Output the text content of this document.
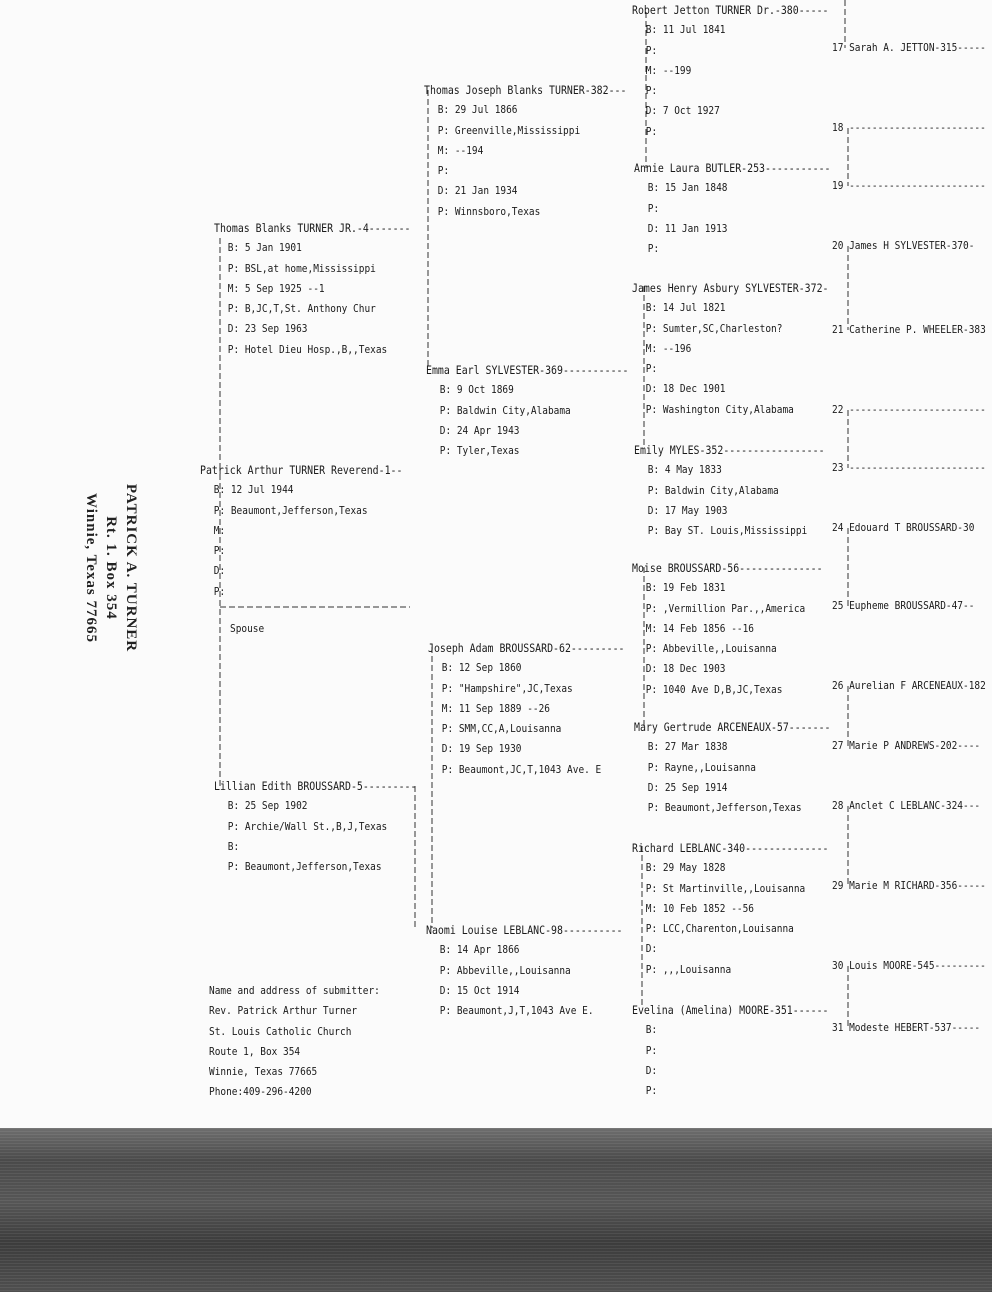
PATRICK A. TURNER
Rt. 1. Box 354
Winnie, Texas 77665
Patrick Arthur TURNER Reverend-1--
B: 12 Jul 1944
P: Beaumont,Jefferson,Texas
M:
P:
D:
P:
Spouse
Thomas Blanks TURNER JR.-4-------
B: 5 Jan 1901
P: BSL,at home,Mississippi
M: 5 Sep 1925 --1
P: B,JC,T,St. Anthony Chur
D: 23 Sep 1963
P: Hotel Dieu Hosp.,B,,Texas
Lillian Edith BROUSSARD-5---------
B: 25 Sep 1902
P: Archie/Wall St.,B,J,Texas
B:
P: Beaumont,Jefferson,Texas
Thomas Joseph Blanks TURNER-382---
B: 29 Jul 1866
P: Greenville,Mississippi
M: --194
P:
D: 21 Jan 1934
P: Winnsboro,Texas
Emma Earl SYLVESTER-369-----------
B: 9 Oct 1869
P: Baldwin City,Alabama
D: 24 Apr 1943
P: Tyler,Texas
Joseph Adam BROUSSARD-62---------
B: 12 Sep 1860
P: "Hampshire",JC,Texas
M: 11 Sep 1889 --26
P: SMM,CC,A,Louisanna
D: 19 Sep 1930
P: Beaumont,JC,T,1043 Ave. E
Naomi Louise LEBLANC-98----------
B: 14 Apr 1866
P: Abbeville,,Louisanna
D: 15 Oct 1914
P: Beaumont,J,T,1043 Ave E.
Robert Jetton TURNER Dr.-380-----
B: 11 Jul 1841
P:
M: --199
P:
D: 7 Oct 1927
P:
Annie Laura BUTLER-253-----------
B: 15 Jan 1848
P:
D: 11 Jan 1913
P:
James Henry Asbury SYLVESTER-372-
B: 14 Jul 1821
P: Sumter,SC,Charleston?
M: --196
P:
D: 18 Dec 1901
P: Washington City,Alabama
Emily MYLES-352-----------------
B: 4 May 1833
P: Baldwin City,Alabama
D: 17 May 1903
P: Bay ST. Louis,Mississippi
Moise BROUSSARD-56--------------
B: 19 Feb 1831
P: ,Vermillion Par.,,America
M: 14 Feb 1856 --16
P: Abbeville,,Louisanna
D: 18 Dec 1903
P: 1040 Ave D,B,JC,Texas
Mary Gertrude ARCENEAUX-57-------
B: 27 Mar 1838
P: Rayne,,Louisanna
D: 25 Sep 1914
P: Beaumont,Jefferson,Texas
Richard LEBLANC-340--------------
B: 29 May 1828
P: St Martinville,,Louisanna
M: 10 Feb 1852 --56
P: LCC,Charenton,Louisanna
D:
P: ,,,Louisanna
Evelina (Amelina) MOORE-351------
B:
P:
D:
P:
17 Sarah A. JETTON-315-----
18 ------------------------
19 ------------------------
20 James H SYLVESTER-370-
21 Catherine P. WHEELER-383
22 ------------------------
23 ------------------------
24 Edouard T BROUSSARD-30
25 Eupheme BROUSSARD-47--
26 Aurelian F ARCENEAUX-182
27 Marie P ANDREWS-202----
28 Anclet C LEBLANC-324---
29 Marie M RICHARD-356-----
30 Louis MOORE-545---------
31 Modeste HEBERT-537-----
Name and address of submitter:
Rev. Patrick Arthur Turner
St. Louis Catholic Church
Route 1, Box 354
Winnie, Texas 77665
Phone:409-296-4200
